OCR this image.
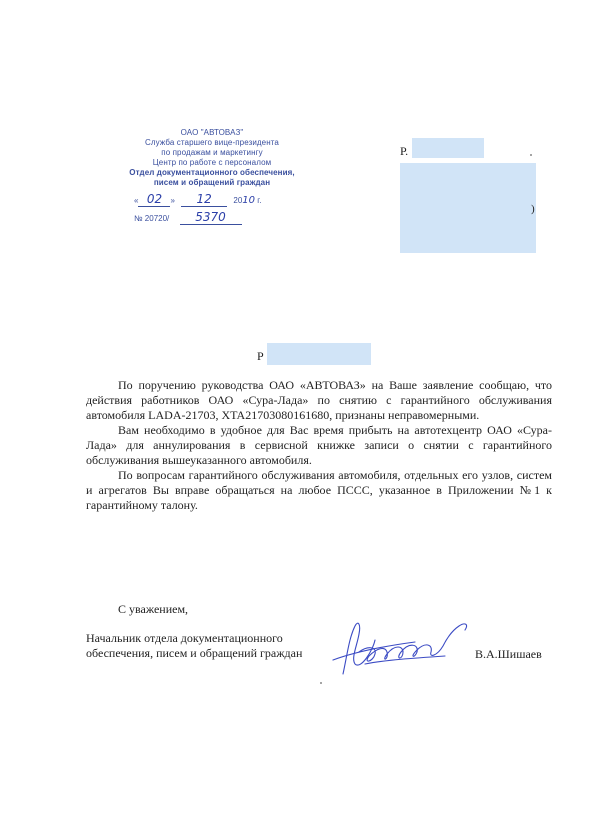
ОАО "АВТОВАЗ"
Служба старшего вице-президента
по продажам и маркетингу
Центр по работе с персоналом
Отдел документационного обеспечения,
писем и обращений граждан
« 02 » 12	2010 г.
№ 20720/ 5370
Р.
)
Р

По поручению руководства ОАО «АВТОВАЗ» на Ваше заявление сообщаю, что действия работников ОАО «Сура-Лада» по снятию с гарантийного обслуживания автомобиля LADA-21703, XTA21703080161680, признаны неправомерными.

Вам необходимо в удобное для Вас время прибыть на автотехцентр ОАО «Сура-Лада» для аннулирования в сервисной книжке записи о снятии с гарантийного обслуживания вышеуказанного автомобиля.

По вопросам гарантийного обслуживания автомобиля, отдельных его узлов, систем и агрегатов Вы вправе обращаться на любое ПССС, указанное в Приложении №1 к гарантийному талону.

С уважением,
Начальник отдела документационного
обеспечения, писем и обращений граждан	В.А.Шишаев
